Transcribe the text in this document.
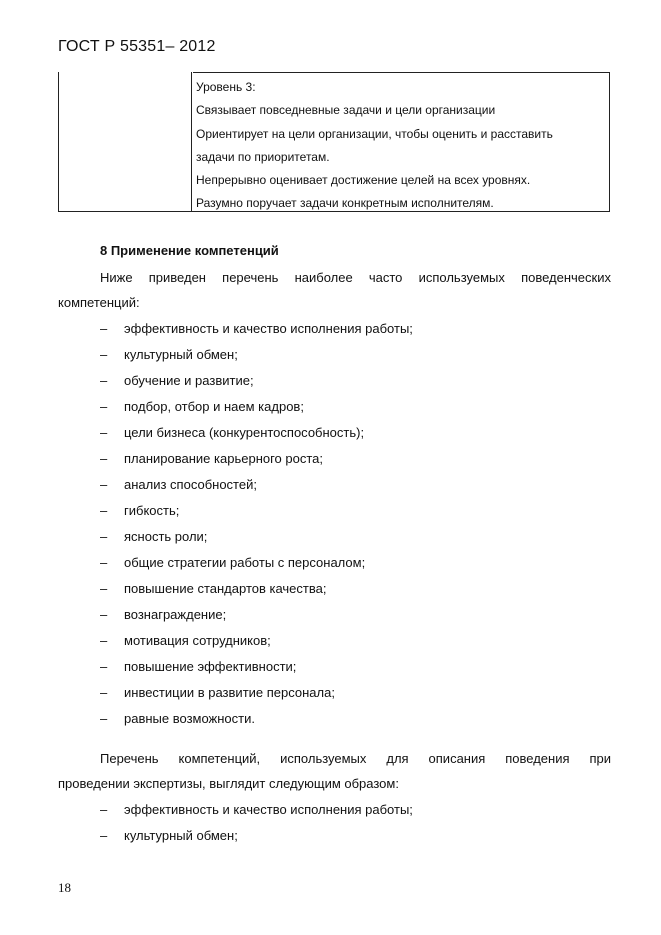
ГОСТ Р 55351– 2012
Уровень 3:
Связывает повседневные задачи и цели организации
Ориентирует на цели организации, чтобы оценить и расставить
задачи по приоритетам.
Непрерывно оценивает достижение целей на всех уровнях.
Разумно поручает задачи конкретным исполнителям.
8 Применение компетенций
Ниже приведен перечень наиболее часто используемых поведенческих
компетенций:
–	эффективность и качество исполнения работы;
–	культурный обмен;
–	обучение и развитие;
–	подбор, отбор и наем кадров;
–	цели бизнеса (конкурентоспособность);
–	планирование карьерного роста;
–	анализ способностей;
–	гибкость;
–	ясность роли;
–	общие стратегии работы с персоналом;
–	повышение стандартов качества;
–	вознаграждение;
–	мотивация сотрудников;
–	повышение эффективности;
–	инвестиции в развитие персонала;
–	равные возможности.
Перечень компетенций, используемых для описания поведения при
проведении экспертизы, выглядит следующим образом:
–	эффективность и качество исполнения работы;
–	культурный обмен;
18
